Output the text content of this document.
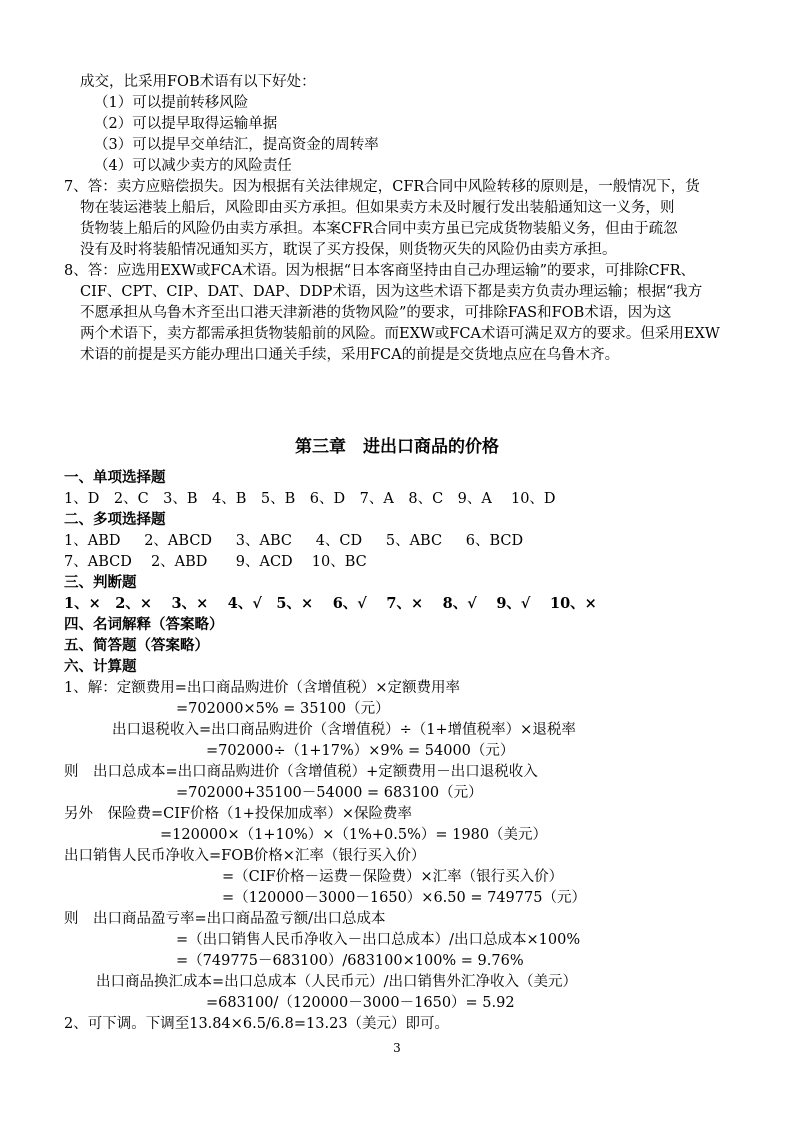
成交，比采用FOB术语有以下好处：
（1）可以提前转移风险
（2）可以提早取得运输单据
（3）可以提早交单结汇，提高资金的周转率
（4）可以减少卖方的风险责任
7、答：卖方应赔偿损失。因为根据有关法律规定，CFR合同中风险转移的原则是，一般情况下，货
物在装运港装上船后，风险即由买方承担。但如果卖方未及时履行发出装船通知这一义务，则
货物装上船后的风险仍由卖方承担。本案CFR合同中卖方虽已完成货物装船义务，但由于疏忽
没有及时将装船情况通知买方，耽误了买方投保，则货物灭失的风险仍由卖方承担。
8、答：应选用EXW或FCA术语。因为根据“日本客商坚持由自己办理运输”的要求，可排除CFR、
CIF、CPT、CIP、DAT、DAP、DDP术语，因为这些术语下都是卖方负责办理运输；根据“我方
不愿承担从乌鲁木齐至出口港天津新港的货物风险”的要求，可排除FAS和FOB术语，因为这
两个术语下，卖方都需承担货物装船前的风险。而EXW或FCA术语可满足双方的要求。但采用EXW
术语的前提是买方能办理出口通关手续，采用FCA的前提是交货地点应在乌鲁木齐。
第三章　进出口商品的价格
一、单项选择题
1、D　2、C　3、B　4、B　5、B　6、D　7、A　8、C　9、A　 10、D
二、多项选择题
1、ABD　  2、ABCD　  3、ABC　  4、CD　  5、ABC　  6、BCD
7、ABCD　 2、ABD　   9、ACD　 10、BC
三、判断题
1、×　2、×　 3、×　 4、√　5、×　 6、√　 7、×　 8、√　 9、√　 10、×
四、名词解释（答案略）
五、简答题（答案略）
六、计算题
1、解：定额费用=出口商品购进价（含增值税）×定额费用率
=702000×5% = 35100（元）
出口退税收入=出口商品购进价（含增值税）÷（1+增值税率）×退税率
=702000÷（1+17%）×9% = 54000（元）
则　出口总成本=出口商品购进价（含增值税）+定额费用－出口退税收入
=702000+35100－54000 = 683100（元）
另外　保险费=CIF价格（1+投保加成率）×保险费率
=120000×（1+10%）×（1%+0.5%）= 1980（美元）
出口销售人民币净收入=FOB价格×汇率（银行买入价）
=（CIF价格－运费－保险费）×汇率（银行买入价）
=（120000－3000－1650）×6.50 = 749775（元）
则　出口商品盈亏率=出口商品盈亏额/出口总成本
=（出口销售人民币净收入－出口总成本）/出口总成本×100%
=（749775－683100）/683100×100% = 9.76%
出口商品换汇成本=出口总成本（人民币元）/出口销售外汇净收入（美元）
=683100/（120000－3000－1650）= 5.92
2、可下调。下调至13.84×6.5/6.8=13.23（美元）即可。
3
